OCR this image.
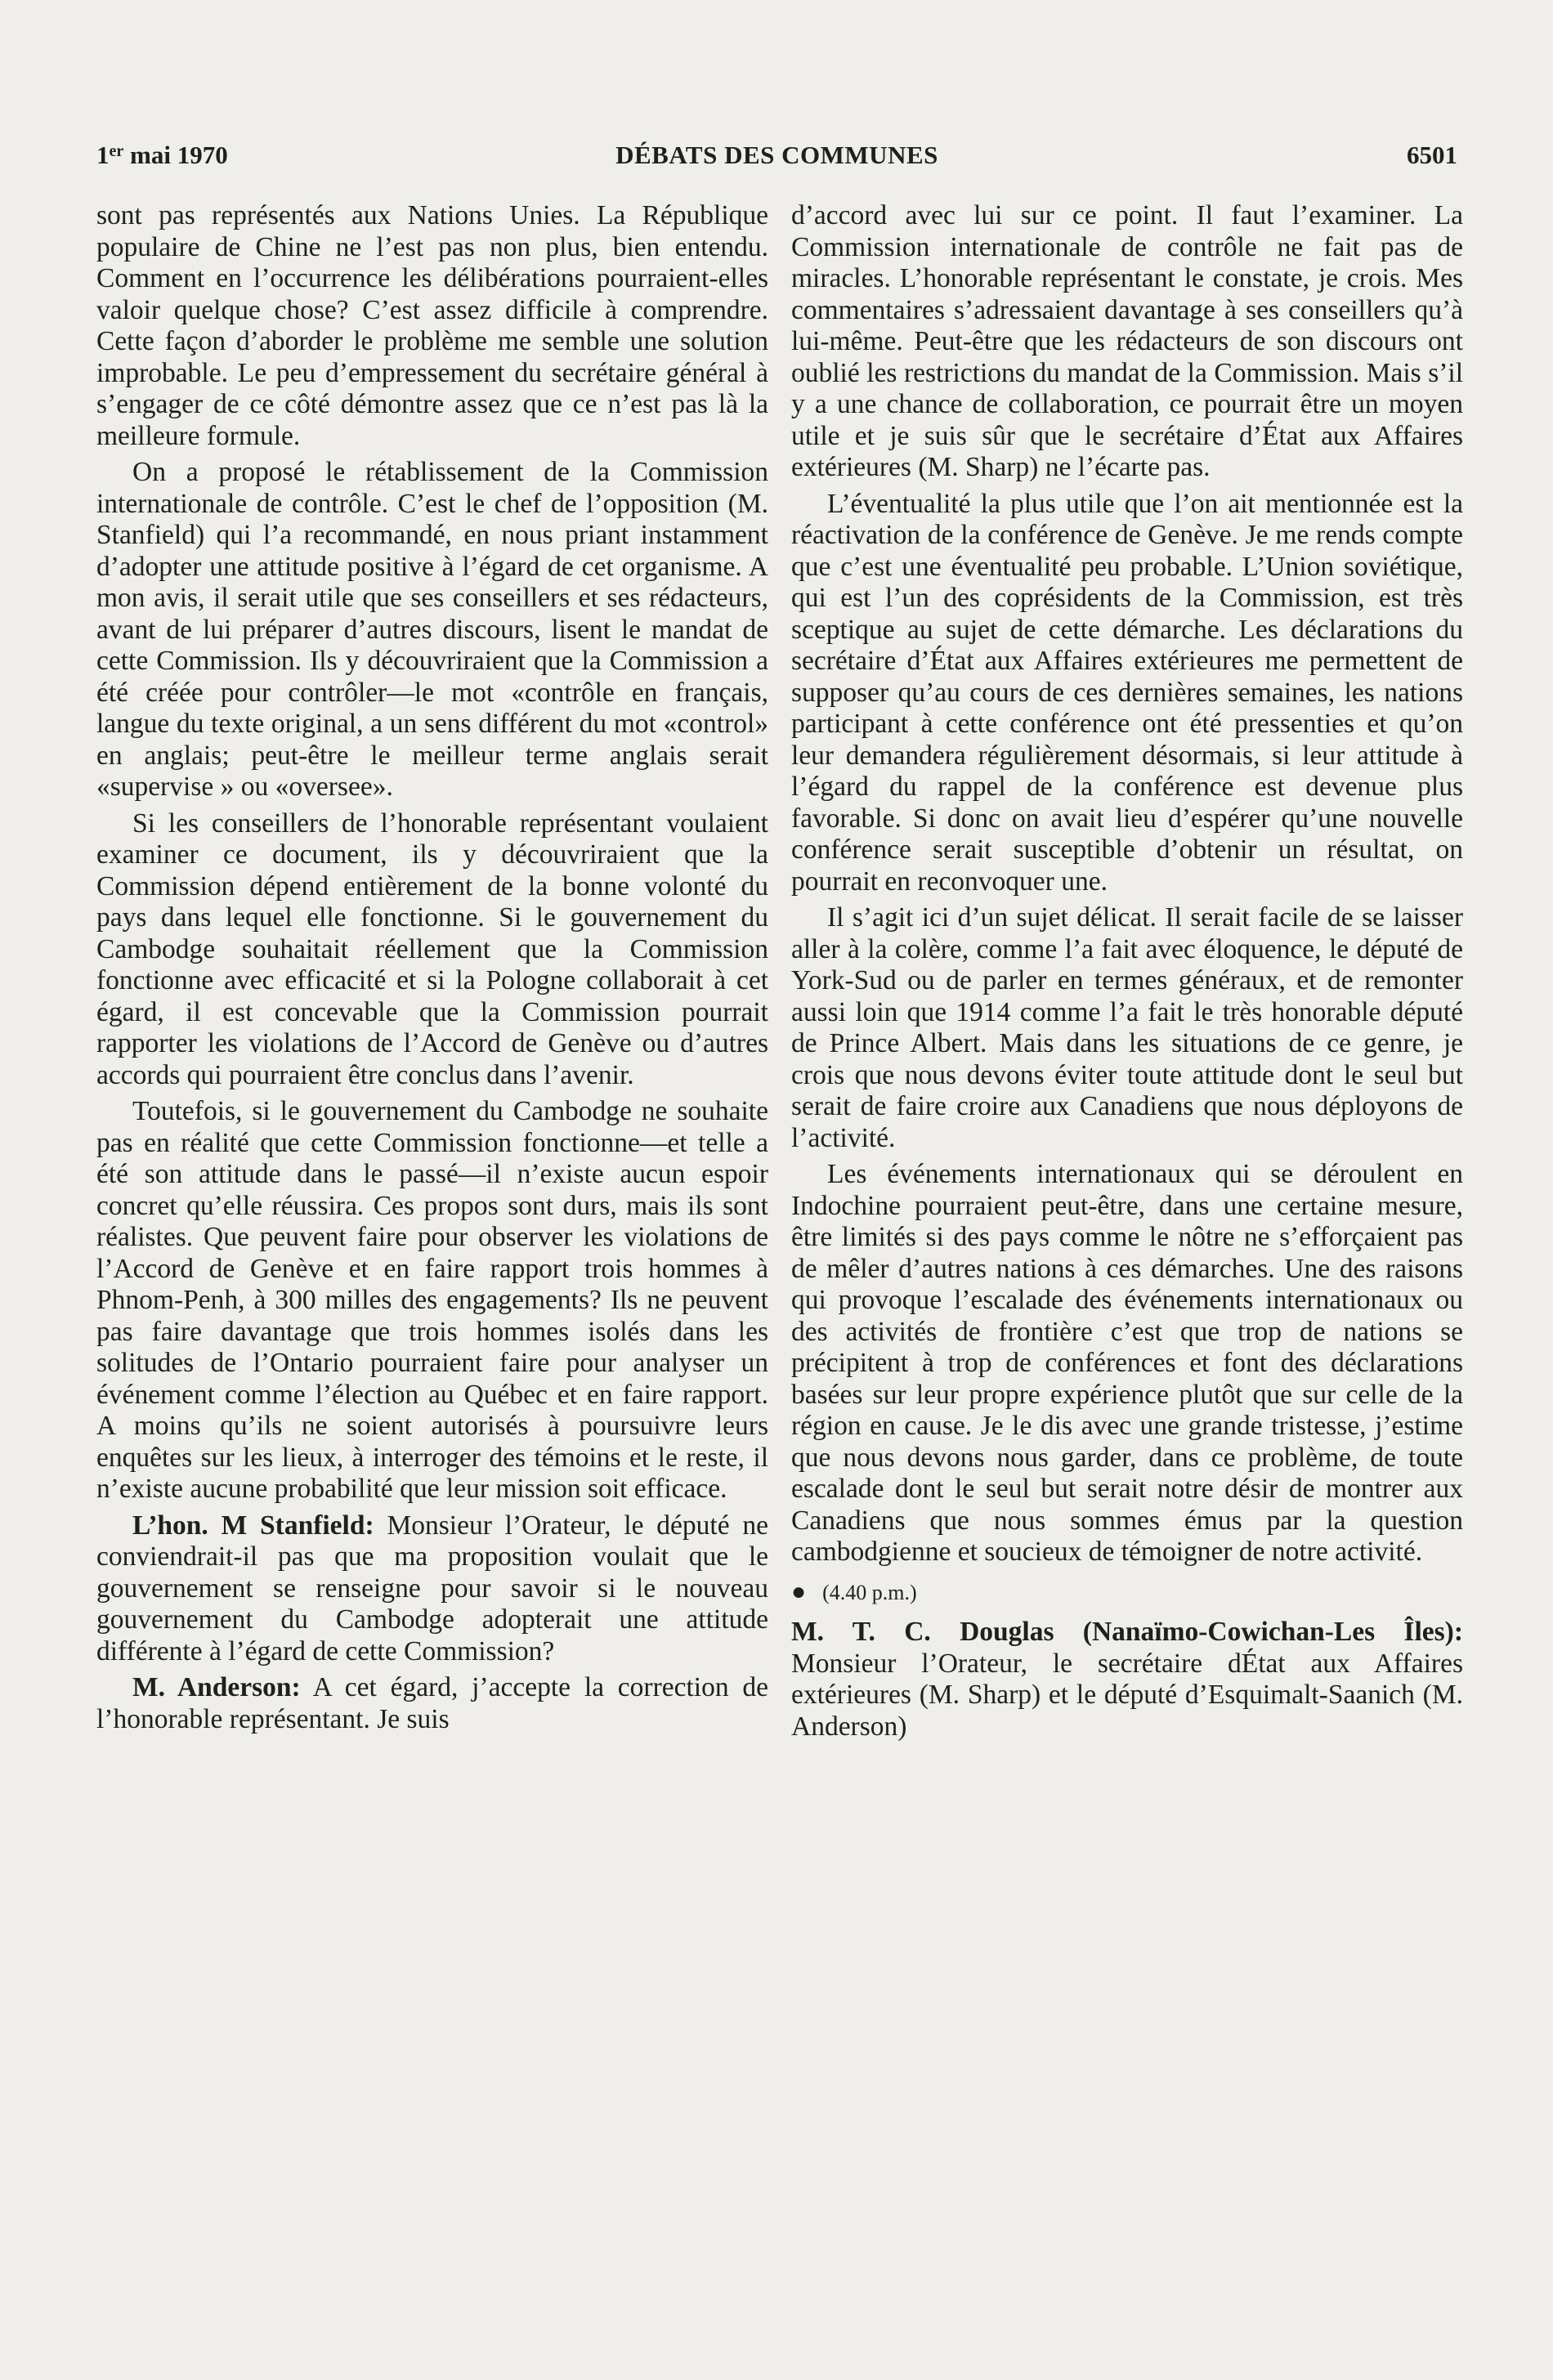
1er mai 1970	DÉBATS DES COMMUNES	6501

sont pas représentés aux Nations Unies. La République populaire de Chine ne l’est pas non plus, bien entendu. Comment en l’occurrence les délibérations pourraient-elles valoir quelque chose? C’est assez difficile à comprendre. Cette façon d’aborder le problème me semble une solution improbable. Le peu d’empressement du secrétaire général à s’engager de ce côté démontre assez que ce n’est pas là la meilleure formule.

On a proposé le rétablissement de la Commission internationale de contrôle. C’est le chef de l’opposition (M. Stanfield) qui l’a recommandé, en nous priant instamment d’adopter une attitude positive à l’égard de cet organisme. A mon avis, il serait utile que ses conseillers et ses rédacteurs, avant de lui préparer d’autres discours, lisent le mandat de cette Commission. Ils y découvriraient que la Commission a été créée pour contrôler—le mot «contrôle en français, langue du texte original, a un sens différent du mot «control» en anglais; peut-être le meilleur terme anglais serait «supervise » ou «oversee».

Si les conseillers de l’honorable représentant voulaient examiner ce document, ils y découvriraient que la Commission dépend entièrement de la bonne volonté du pays dans lequel elle fonctionne. Si le gouvernement du Cambodge souhaitait réellement que la Commission fonctionne avec efficacité et si la Pologne collaborait à cet égard, il est concevable que la Commission pourrait rapporter les violations de l’Accord de Genève ou d’autres accords qui pourraient être conclus dans l’avenir.

Toutefois, si le gouvernement du Cambodge ne souhaite pas en réalité que cette Commission fonctionne—et telle a été son attitude dans le passé—il n’existe aucun espoir concret qu’elle réussira. Ces propos sont durs, mais ils sont réalistes. Que peuvent faire pour observer les violations de l’Accord de Genève et en faire rapport trois hommes à Phnom-Penh, à 300 milles des engagements? Ils ne peuvent pas faire davantage que trois hommes isolés dans les solitudes de l’Ontario pourraient faire pour analyser un événement comme l’élection au Québec et en faire rapport. A moins qu’ils ne soient autorisés à poursuivre leurs enquêtes sur les lieux, à interroger des témoins et le reste, il n’existe aucune probabilité que leur mission soit efficace.

L’hon. M Stanfield: Monsieur l’Orateur, le député ne conviendrait-il pas que ma proposition voulait que le gouvernement se renseigne pour savoir si le nouveau gouvernement du Cambodge adopterait une attitude différente à l’égard de cette Commission?

M. Anderson: A cet égard, j’accepte la correction de l’honorable représentant. Je suis

d’accord avec lui sur ce point. Il faut l’examiner. La Commission internationale de contrôle ne fait pas de miracles. L’honorable représentant le constate, je crois. Mes commentaires s’adressaient davantage à ses conseillers qu’à lui-même. Peut-être que les rédacteurs de son discours ont oublié les restrictions du mandat de la Commission. Mais s’il y a une chance de collaboration, ce pourrait être un moyen utile et je suis sûr que le secrétaire d’État aux Affaires extérieures (M. Sharp) ne l’écarte pas.

L’éventualité la plus utile que l’on ait mentionnée est la réactivation de la conférence de Genève. Je me rends compte que c’est une éventualité peu probable. L’Union soviétique, qui est l’un des coprésidents de la Commission, est très sceptique au sujet de cette démarche. Les déclarations du secrétaire d’État aux Affaires extérieures me permettent de supposer qu’au cours de ces dernières semaines, les nations participant à cette conférence ont été pressenties et qu’on leur demandera régulièrement désormais, si leur attitude à l’égard du rappel de la conférence est devenue plus favorable. Si donc on avait lieu d’espérer qu’une nouvelle conférence serait susceptible d’obtenir un résultat, on pourrait en reconvoquer une.

Il s’agit ici d’un sujet délicat. Il serait facile de se laisser aller à la colère, comme l’a fait avec éloquence, le député de York-Sud ou de parler en termes généraux, et de remonter aussi loin que 1914 comme l’a fait le très honorable député de Prince Albert. Mais dans les situations de ce genre, je crois que nous devons éviter toute attitude dont le seul but serait de faire croire aux Canadiens que nous déployons de l’activité.

Les événements internationaux qui se déroulent en Indochine pourraient peut-être, dans une certaine mesure, être limités si des pays comme le nôtre ne s’efforçaient pas de mêler d’autres nations à ces démarches. Une des raisons qui provoque l’escalade des événements internationaux ou des activités de frontière c’est que trop de nations se précipitent à trop de conférences et font des déclarations basées sur leur propre expérience plutôt que sur celle de la région en cause. Je le dis avec une grande tristesse, j’estime que nous devons nous garder, dans ce problème, de toute escalade dont le seul but serait notre désir de montrer aux Canadiens que nous sommes émus par la question cambodgienne et soucieux de témoigner de notre activité.

● (4.40 p.m.)

M. T. C. Douglas (Nanaïmo-Cowichan-Les Îles): Monsieur l’Orateur, le secrétaire dÉtat aux Affaires extérieures (M. Sharp) et le député d’Esquimalt-Saanich (M. Anderson)
